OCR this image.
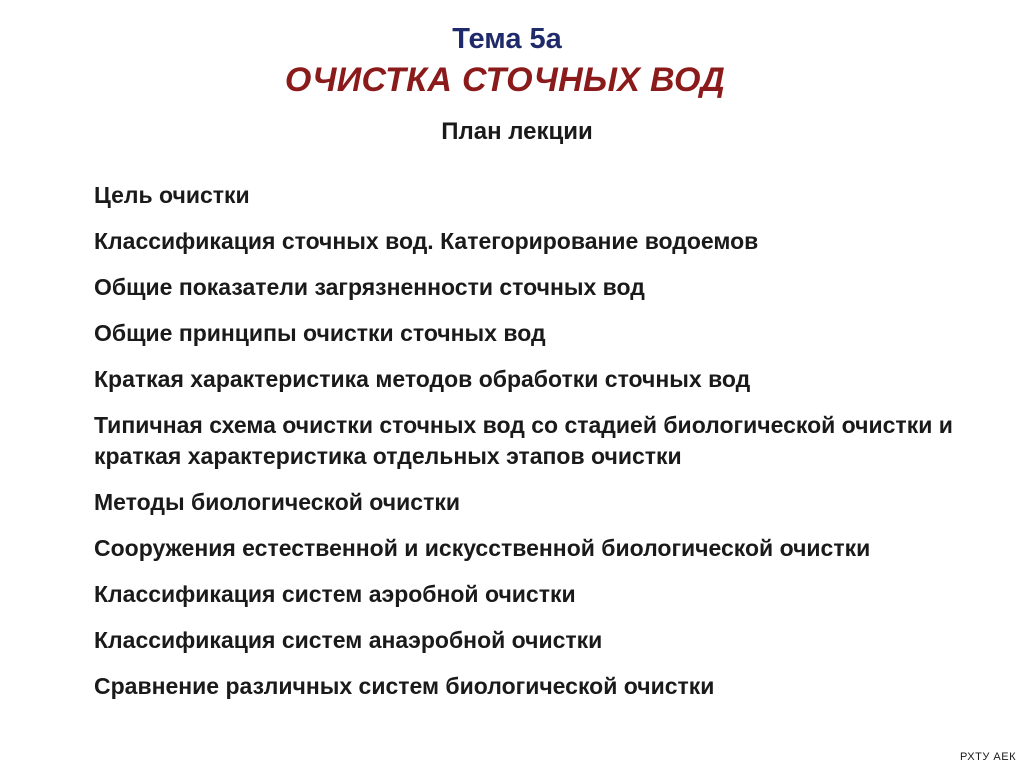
Тема 5а
ОЧИСТКА СТОЧНЫХ ВОД
План лекции
Цель очистки
Классификация сточных вод. Категорирование водоемов
Общие показатели загрязненности сточных вод
Общие принципы очистки сточных вод
Краткая характеристика методов обработки сточных вод
Типичная схема очистки сточных вод со стадией биологической очистки и краткая характеристика отдельных этапов очистки
Методы биологической очистки
Сооружения естественной и искусственной биологической очистки
Классификация систем аэробной очистки
Классификация систем анаэробной очистки
Сравнение различных систем биологической очистки
РХТУ АЕК
